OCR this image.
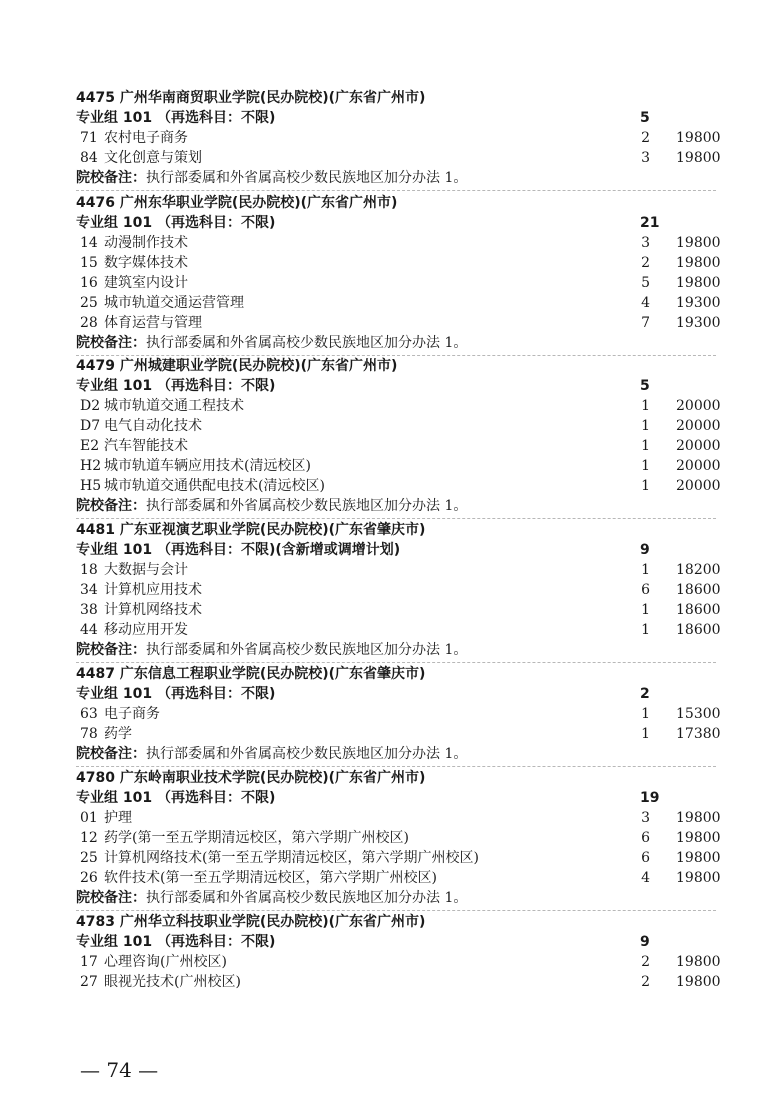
4475 广州华南商贸职业学院(民办院校)(广东省广州市)
专业组 101 （再选科目：不限)	5
71 农村电子商务	2 19800
84 文化创意与策划	3 19800
院校备注：执行部委属和外省属高校少数民族地区加分办法 1。
4476 广州东华职业学院(民办院校)(广东省广州市)
专业组 101 （再选科目：不限)	21
14 动漫制作技术	3 19800
15 数字媒体技术	2 19800
16 建筑室内设计	5 19800
25 城市轨道交通运营管理	4 19300
28 体育运营与管理	7 19300
院校备注：执行部委属和外省属高校少数民族地区加分办法 1。
4479 广州城建职业学院(民办院校)(广东省广州市)
专业组 101 （再选科目：不限)	5
D2 城市轨道交通工程技术	1 20000
D7 电气自动化技术	1 20000
E2 汽车智能技术	1 20000
H2 城市轨道车辆应用技术(清远校区)	1 20000
H5 城市轨道交通供配电技术(清远校区)	1 20000
院校备注：执行部委属和外省属高校少数民族地区加分办法 1。
4481 广东亚视演艺职业学院(民办院校)(广东省肇庆市)
专业组 101 （再选科目：不限)(含新增或调增计划)	9
18 大数据与会计	1 18200
34 计算机应用技术	6 18600
38 计算机网络技术	1 18600
44 移动应用开发	1 18600
院校备注：执行部委属和外省属高校少数民族地区加分办法 1。
4487 广东信息工程职业学院(民办院校)(广东省肇庆市)
专业组 101 （再选科目：不限)	2
63 电子商务	1 15300
78 药学	1 17380
院校备注：执行部委属和外省属高校少数民族地区加分办法 1。
4780 广东岭南职业技术学院(民办院校)(广东省广州市)
专业组 101 （再选科目：不限)	19
01 护理	3 19800
12 药学(第一至五学期清远校区，第六学期广州校区)	6 19800
25 计算机网络技术(第一至五学期清远校区，第六学期广州校区)	6 19800
26 软件技术(第一至五学期清远校区，第六学期广州校区)	4 19800
院校备注：执行部委属和外省属高校少数民族地区加分办法 1。
4783 广州华立科技职业学院(民办院校)(广东省广州市)
专业组 101 （再选科目：不限)	9
17 心理咨询(广州校区)	2 19800
27 眼视光技术(广州校区)	2 19800
— 74 —
